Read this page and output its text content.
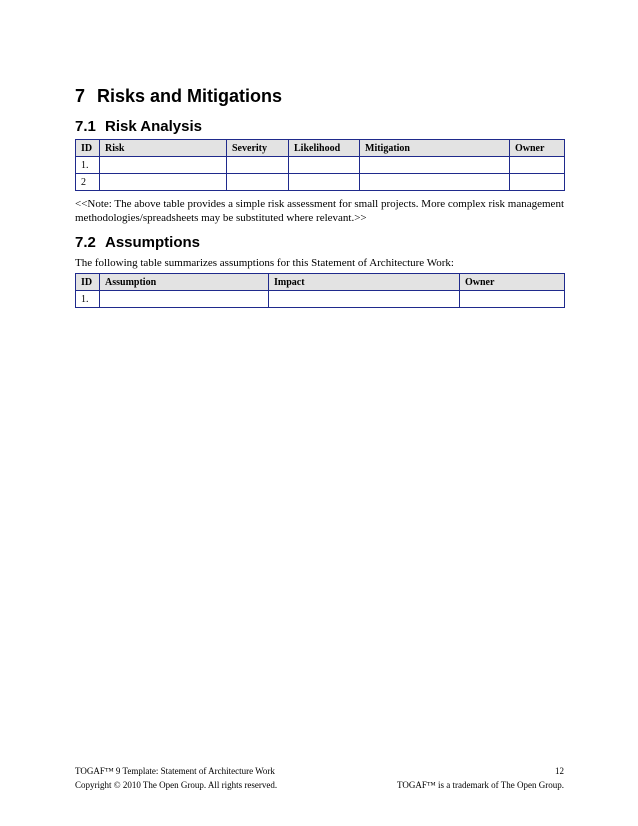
7 Risks and Mitigations
7.1 Risk Analysis
ID	Risk	Severity	Likelihood	Mitigation	Owner
1.					
2					

<<Note: The above table provides a simple risk assessment for small projects. More complex risk management methodologies/spreadsheets may be substituted where relevant.>>

7.2 Assumptions

The following table summarizes assumptions for this Statement of Architecture Work:

ID	Assumption	Impact	Owner
1.			
TOGAF™ 9 Template: Statement of Architecture Work	12
Copyright © 2010 The Open Group. All rights reserved.	TOGAF™ is a trademark of The Open Group.
